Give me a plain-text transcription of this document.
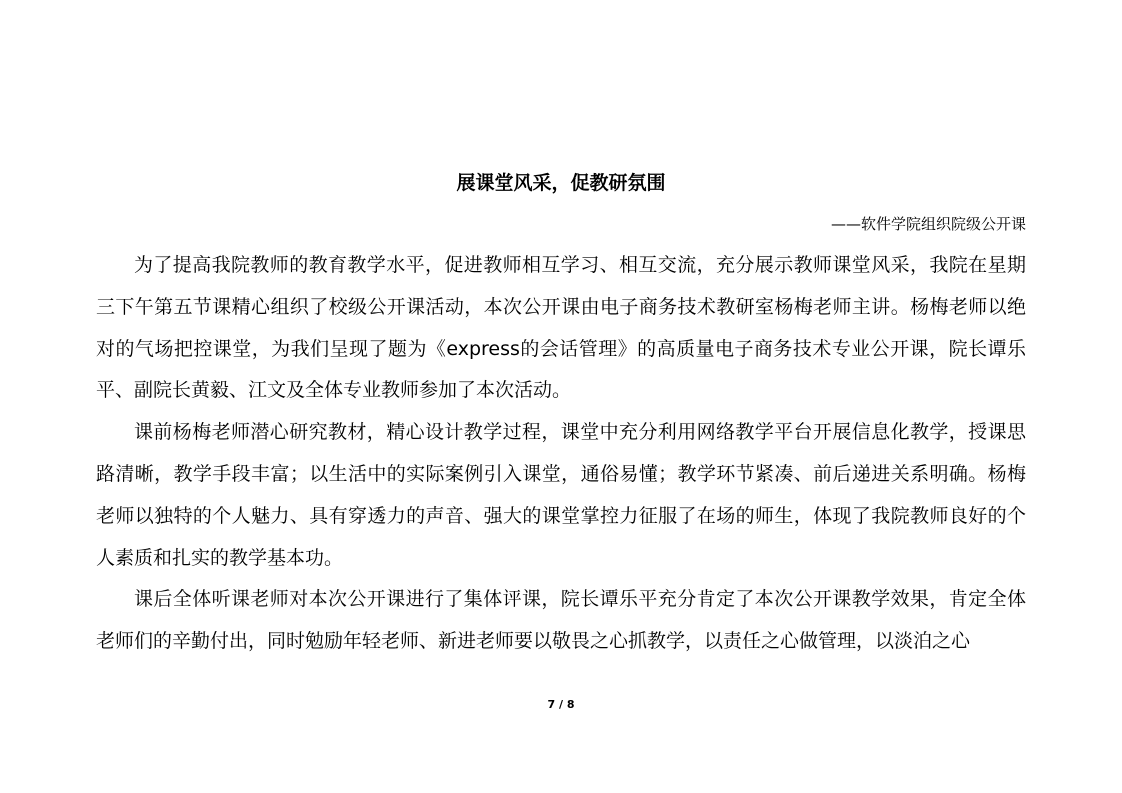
展课堂风采，促教研氛围
——软件学院组织院级公开课

为了提高我院教师的教育教学水平，促进教师相互学习、相互交流，充分展示教师课堂风采，我院在星期三下午第五节课精心组织了校级公开课活动，本次公开课由电子商务技术教研室杨梅老师主讲。杨梅老师以绝对的气场把控课堂，为我们呈现了题为《express的会话管理》的高质量电子商务技术专业公开课，院长谭乐平、副院长黄毅、江文及全体专业教师参加了本次活动。

课前杨梅老师潜心研究教材，精心设计教学过程，课堂中充分利用网络教学平台开展信息化教学，授课思路清晰，教学手段丰富；以生活中的实际案例引入课堂，通俗易懂；教学环节紧凑、前后递进关系明确。杨梅老师以独特的个人魅力、具有穿透力的声音、强大的课堂掌控力征服了在场的师生，体现了我院教师良好的个人素质和扎实的教学基本功。

课后全体听课老师对本次公开课进行了集体评课，院长谭乐平充分肯定了本次公开课教学效果，肯定全体老师们的辛勤付出，同时勉励年轻老师、新进老师要以敬畏之心抓教学，以责任之心做管理，以淡泊之心

7 / 8
